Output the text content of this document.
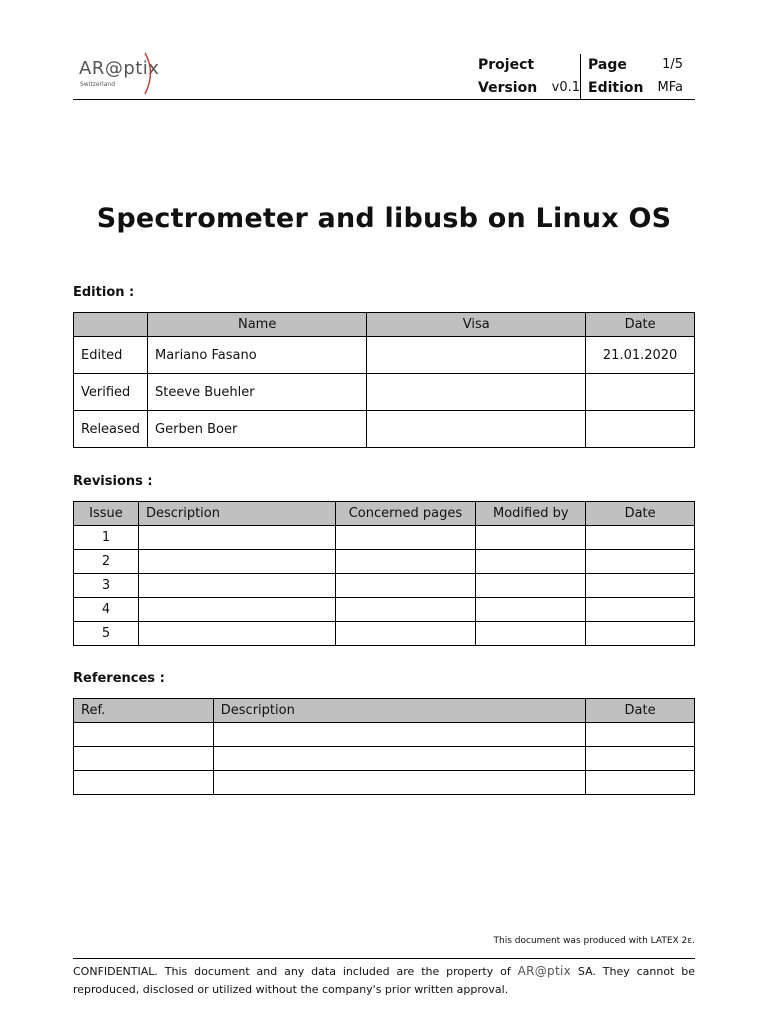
AR@ptix
Switzerland
Project	Page	1/5
Version	v0.1 Edition MFa
Spectrometer and libusb on Linux OS
Edition :
	Name	Visa	Date
Edited	Mariano Fasano		21.01.2020
Verified	Steeve Buehler		
Released	Gerben Boer		
Revisions :
Issue	Description	Concerned pages	Modified by	Date
1				
2				
3				
4				
5				
References :
Ref.	Description	Date

This document was produced with LATEX 2ε.
CONFIDENTIAL. This document and any data included are the property of AR@ptix SA. They cannot be reproduced, disclosed or utilized without the company's prior written approval.
